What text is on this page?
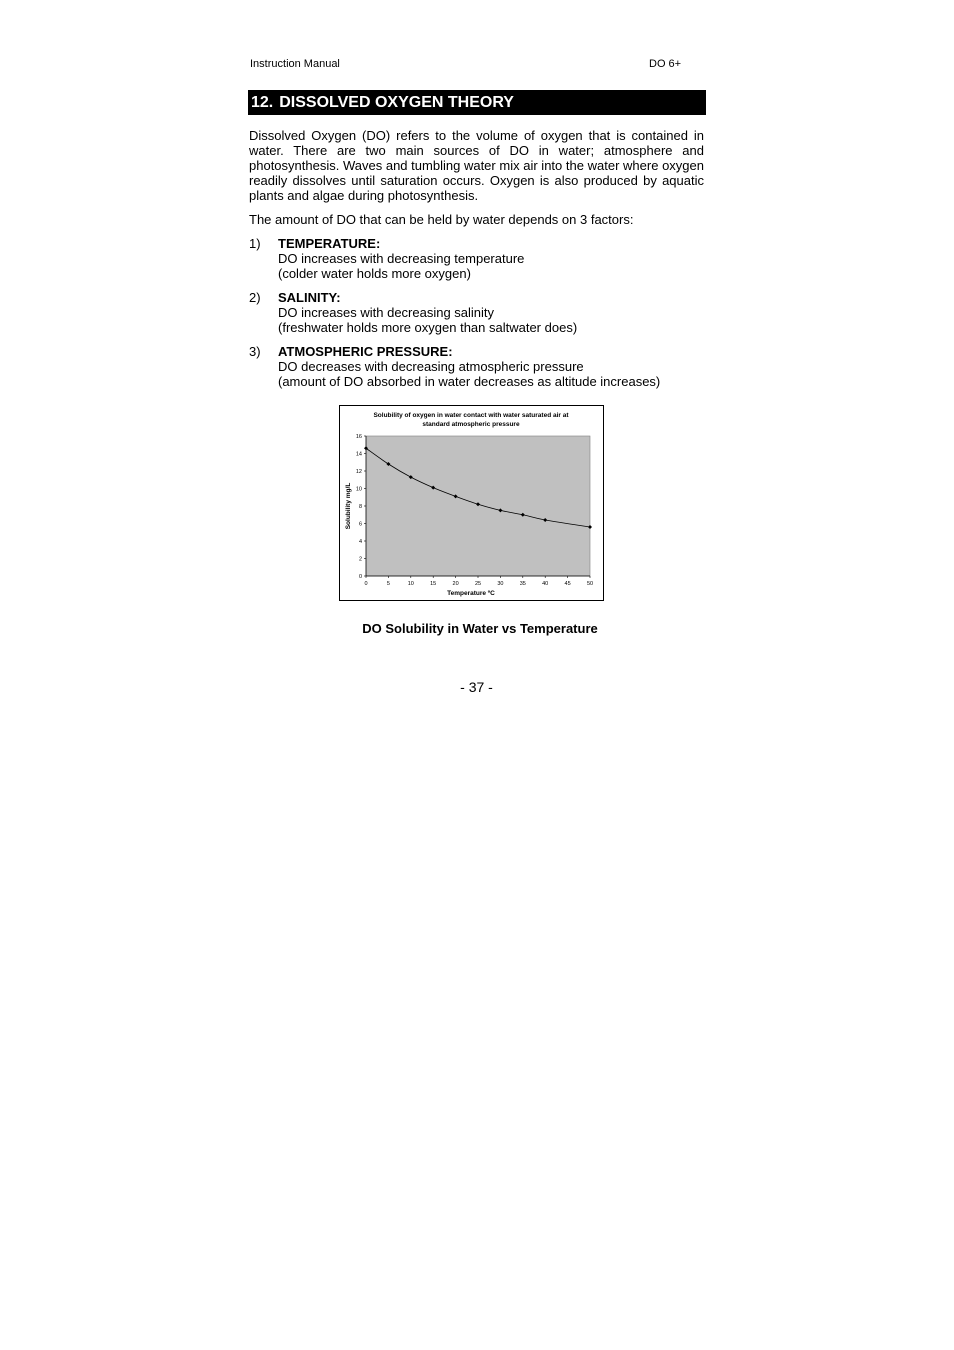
Instruction Manual	DO 6+
12. DISSOLVED OXYGEN THEORY

Dissolved Oxygen (DO) refers to the volume of oxygen that is contained in water. There are two main sources of DO in water; atmosphere and photosynthesis. Waves and tumbling water mix air into the water where oxygen readily dissolves until saturation occurs. Oxygen is also produced by aquatic plants and algae during photosynthesis.

The amount of DO that can be held by water depends on 3 factors:

1)	TEMPERATURE:
DO increases with decreasing temperature
(colder water holds more oxygen)
2)	SALINITY:
DO increases with decreasing salinity
(freshwater holds more oxygen than saltwater does)
3)	ATMOSPHERIC PRESSURE:
DO decreases with decreasing atmospheric pressure
(amount of DO absorbed in water decreases as altitude increases)
Solubility of oxygen in water contact with water saturated air at
standard atmospheric pressure
0
2
4
6
8
10
12
14
16
0	5	10	15	20	25	30	35	40	45	50
Temperature ºC
Solubility mg/L
DO Solubility in Water vs Temperature
- 37 -
